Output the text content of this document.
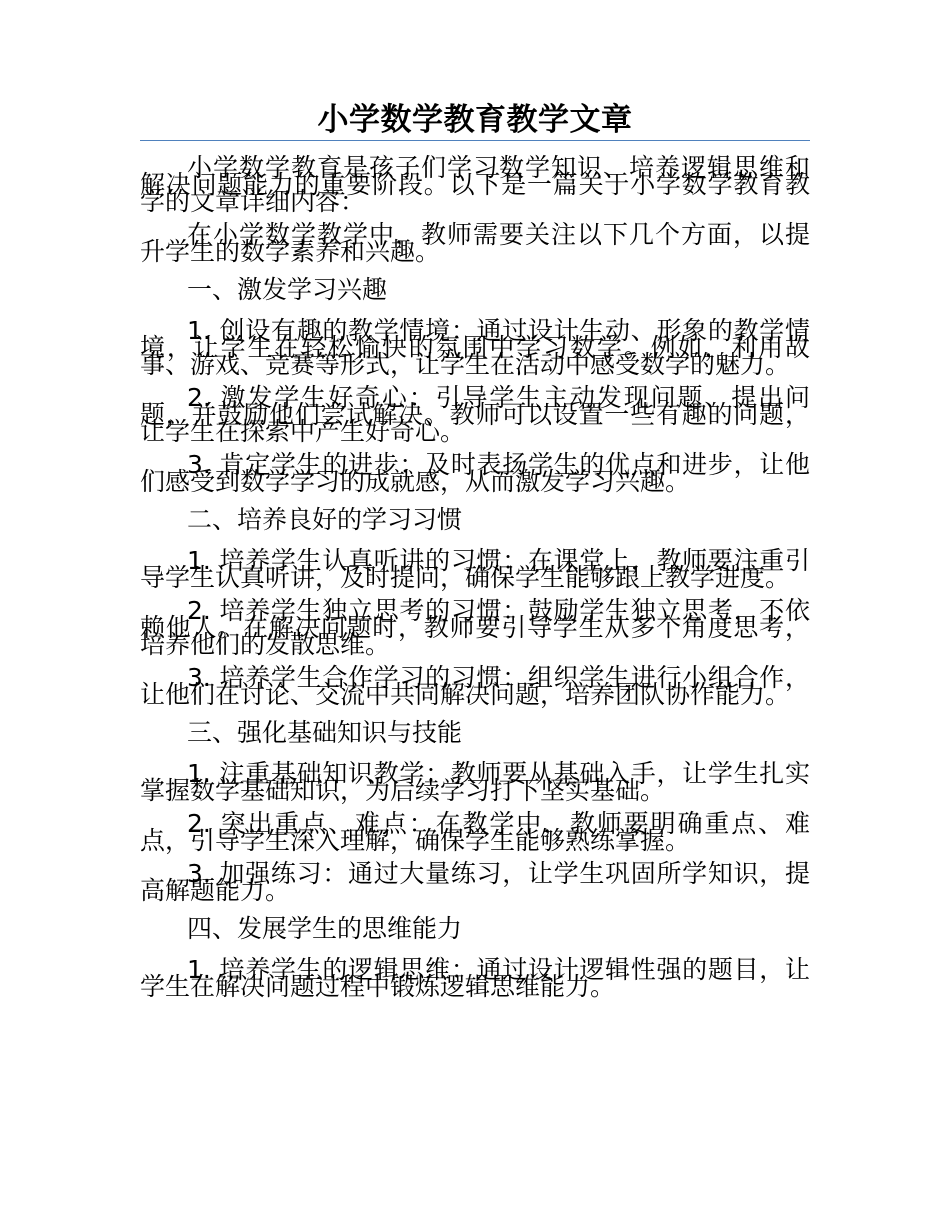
小学数学教育教学文章

小学数学教育是孩子们学习数学知识、培养逻辑思维和解决问题能力的重要阶段。以下是一篇关于小学数学教育教学的文章详细内容：

在小学数学教学中，教师需要关注以下几个方面，以提升学生的数学素养和兴趣。

一、激发学习兴趣

1. 创设有趣的教学情境：通过设计生动、形象的教学情境，让学生在轻松愉快的氛围中学习数学。例如，利用故事、游戏、竞赛等形式，让学生在活动中感受数学的魅力。

2. 激发学生好奇心：引导学生主动发现问题、提出问题，并鼓励他们尝试解决。教师可以设置一些有趣的问题，让学生在探索中产生好奇心。

3. 肯定学生的进步：及时表扬学生的优点和进步，让他们感受到数学学习的成就感，从而激发学习兴趣。

二、培养良好的学习习惯

1. 培养学生认真听讲的习惯：在课堂上，教师要注重引导学生认真听讲，及时提问，确保学生能够跟上教学进度。

2. 培养学生独立思考的习惯：鼓励学生独立思考，不依赖他人。在解决问题时，教师要引导学生从多个角度思考，培养他们的发散思维。

3. 培养学生合作学习的习惯：组织学生进行小组合作，让他们在讨论、交流中共同解决问题，培养团队协作能力。

三、强化基础知识与技能

1. 注重基础知识教学：教师要从基础入手，让学生扎实掌握数学基础知识，为后续学习打下坚实基础。

2. 突出重点、难点：在教学中，教师要明确重点、难点，引导学生深入理解，确保学生能够熟练掌握。

3. 加强练习：通过大量练习，让学生巩固所学知识，提高解题能力。

四、发展学生的思维能力

1. 培养学生的逻辑思维：通过设计逻辑性强的题目，让学生在解决问题过程中锻炼逻辑思维能力。
